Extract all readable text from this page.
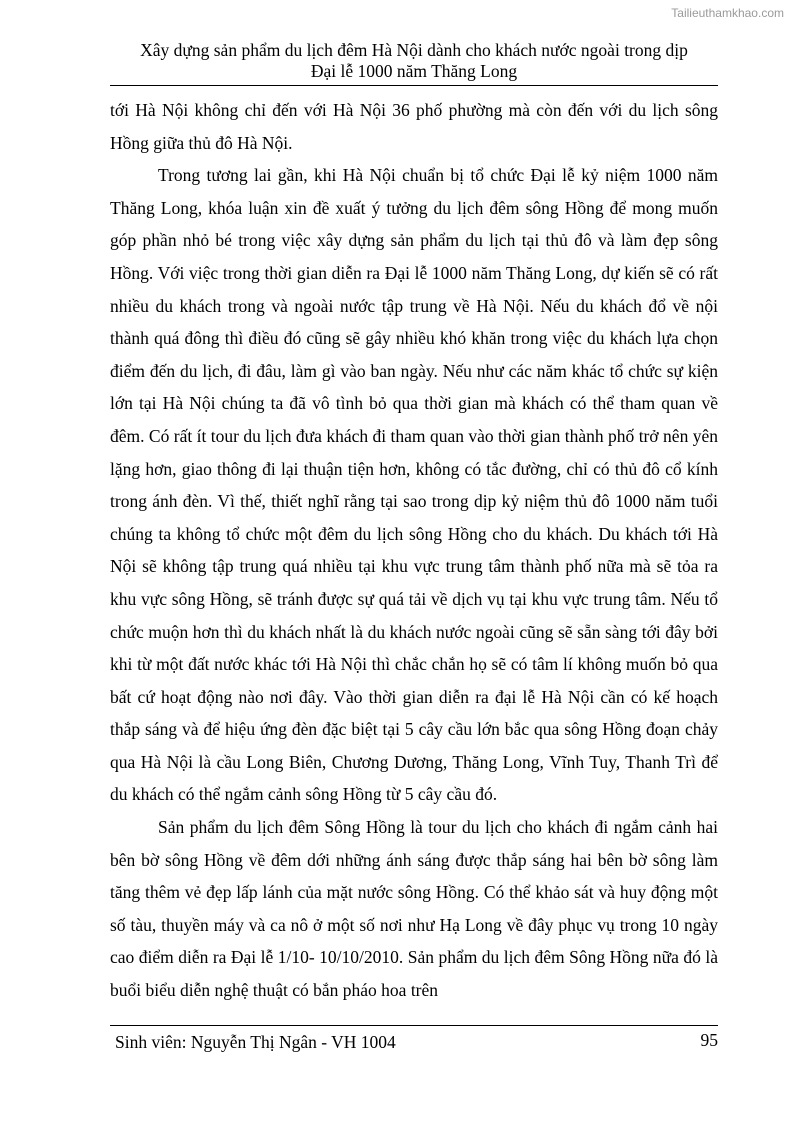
Tailieuthamkhao.com
Xây dựng sản phẩm du lịch đêm Hà Nội dành cho khách nước ngoài trong dịp
Đại lễ 1000 năm Thăng Long

tới Hà Nội không chỉ đến với Hà Nội 36 phố phường mà còn đến với du lịch sông Hồng giữa thủ đô Hà Nội.

Trong tương lai gần, khi Hà Nội chuẩn bị tổ chức Đại lễ kỷ niệm 1000 năm Thăng Long, khóa luận xin đề xuất ý tưởng du lịch đêm sông Hồng để mong muốn góp phần nhỏ bé trong việc xây dựng sản phẩm du lịch tại thủ đô và làm đẹp sông Hồng. Với việc trong thời gian diễn ra Đại lễ 1000 năm Thăng Long, dự kiến sẽ có rất nhiều du khách trong và ngoài nước tập trung về Hà Nội. Nếu du khách đổ về nội thành quá đông thì điều đó cũng sẽ gây nhiều khó khăn trong việc du khách lựa chọn điểm đến du lịch, đi đâu, làm gì vào ban ngày. Nếu như các năm khác tổ chức sự kiện lớn tại Hà Nội chúng ta đã vô tình bỏ qua thời gian mà khách có thể tham quan về đêm. Có rất ít tour du lịch đưa khách đi tham quan vào thời gian thành phố trở nên yên lặng hơn, giao thông đi lại thuận tiện hơn, không có tắc đường, chỉ có thủ đô cổ kính trong ánh đèn. Vì thế, thiết nghĩ rằng tại sao trong dịp kỷ niệm thủ đô 1000 năm tuổi chúng ta không tổ chức một đêm du lịch sông Hồng cho du khách. Du khách tới Hà Nội sẽ không tập trung quá nhiều tại khu vực trung tâm thành phố nữa mà sẽ tỏa ra khu vực sông Hồng, sẽ tránh được sự quá tải về dịch vụ tại khu vực trung tâm. Nếu tổ chức muộn hơn thì du khách nhất là du khách nước ngoài cũng sẽ sẵn sàng tới đây bởi khi từ một đất nước khác tới Hà Nội thì chắc chắn họ sẽ có tâm lí không muốn bỏ qua bất cứ hoạt động nào nơi đây. Vào thời gian diễn ra đại lễ Hà Nội cần có kế hoạch thắp sáng và để hiệu ứng đèn đặc biệt tại 5 cây cầu lớn bắc qua sông Hồng đoạn chảy qua Hà Nội là cầu Long Biên, Chương Dương, Thăng Long, Vĩnh Tuy, Thanh Trì để du khách có thể ngắm cảnh sông Hồng từ 5 cây cầu đó.

Sản phẩm du lịch đêm Sông Hồng là tour du lịch cho khách đi ngắm cảnh hai bên bờ sông Hồng về đêm dới những ánh sáng được thắp sáng hai bên bờ sông làm tăng thêm vẻ đẹp lấp lánh của mặt nước sông Hồng. Có thể khảo sát và huy động một số tàu, thuyền máy và ca nô ở một số nơi như Hạ Long về đây phục vụ trong 10 ngày cao điểm diễn ra Đại lễ 1/10- 10/10/2010. Sản phẩm du lịch đêm Sông Hồng nữa đó là buổi biểu diễn nghệ thuật có bắn pháo hoa trên

Sinh viên: Nguyễn Thị Ngân - VH 1004	95
